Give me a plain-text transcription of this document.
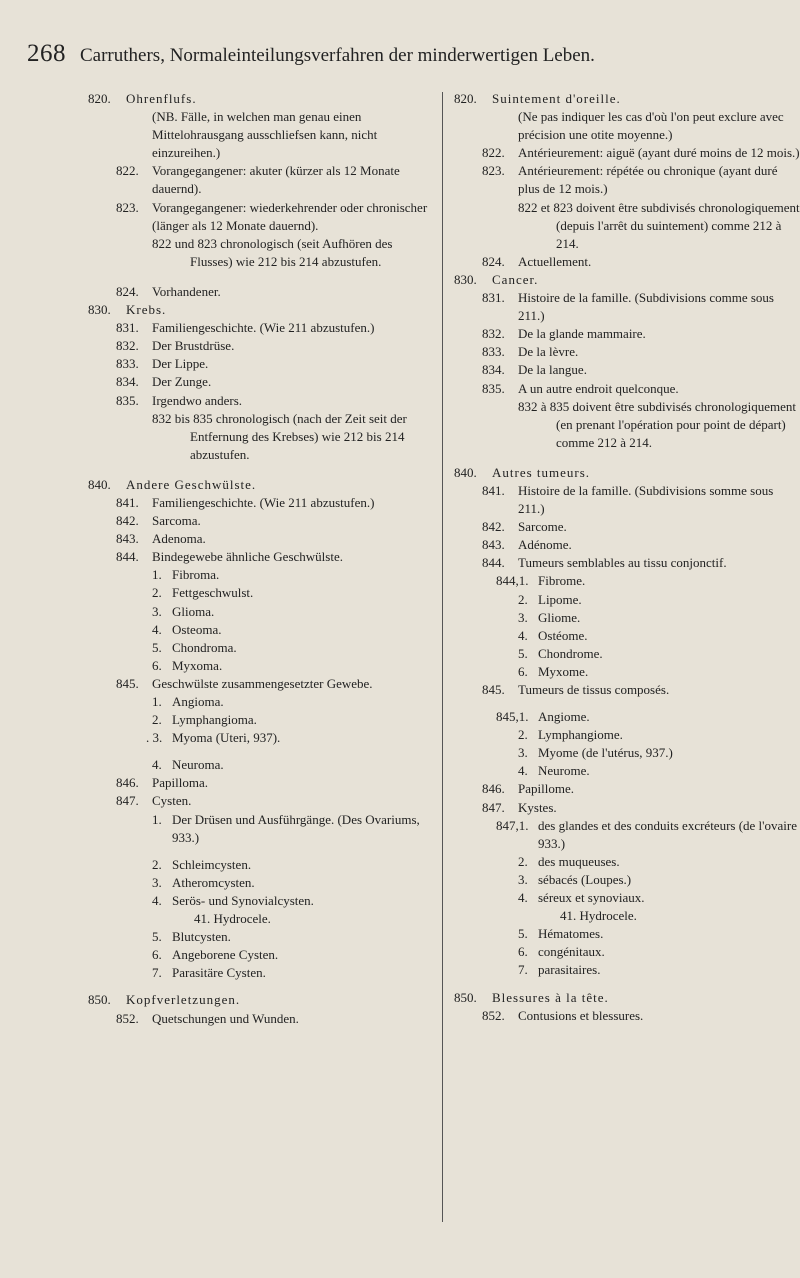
268 Carruthers, Normaleinteilungsverfahren der minderwertigen Leben.
820. Ohrenflufs.
(NB. Fälle, in welchen man genau einen Mittelohrausgang ausschliefsen kann, nicht einzureihen.)
822. Vorangegangener: akuter (kürzer als 12 Monate dauernd).
823. Vorangegangener: wiederkehrender oder chronischer (länger als 12 Monate dauernd).
822 und 823 chronologisch (seit Aufhören des Flusses) wie 212 bis 214 abzustufen.
824. Vorhandener.
830. Krebs.
831. Familiengeschichte. (Wie 211 abzustufen.)
832. Der Brustdrüse.
833. Der Lippe.
834. Der Zunge.
835. Irgendwo anders.
832 bis 835 chronologisch (nach der Zeit seit der Entfernung des Krebses) wie 212 bis 214 abzustufen.
840. Andere Geschwülste.
841. Familiengeschichte. (Wie 211 abzustufen.)
842. Sarcoma.
843. Adenoma.
844. Bindegewebe ähnliche Geschwülste.
1. Fibroma.
2. Fettgeschwulst.
3. Glioma.
4. Osteoma.
5. Chondroma.
6. Myxoma.
845. Geschwülste zusammengesetzter Gewebe.
1. Angioma.
2. Lymphangioma.
. 3. Myoma (Uteri, 937).
4. Neuroma.
846. Papilloma.
847. Cysten.
1. Der Drüsen und Ausführgänge. (Des Ovariums, 933.)
2. Schleimcysten.
3. Atheromcysten.
4. Serös- und Synovialcysten.
41. Hydrocele.
5. Blutcysten.
6. Angeborene Cysten.
7. Parasitäre Cysten.
850. Kopfverletzungen.
852. Quetschungen und Wunden.
820. Suintement d'oreille.
(Ne pas indiquer les cas d'où l'on peut exclure avec précision une otite moyenne.)
822. Antérieurement: aiguë (ayant duré moins de 12 mois.)
823. Antérieurement: répétée ou chronique (ayant duré plus de 12 mois.)
822 et 823 doivent être subdivisés chronologiquement (depuis l'arrêt du suintement) comme 212 à 214.
824. Actuellement.
830. Cancer.
831. Histoire de la famille. (Subdivisions comme sous 211.)
832. De la glande mammaire.
833. De la lèvre.
834. De la langue.
835. A un autre endroit quelconque.
832 à 835 doivent être subdivisés chronologiquement (en prenant l'opération pour point de départ) comme 212 à 214.
840. Autres tumeurs.
841. Histoire de la famille. (Subdivisions somme sous 211.)
842. Sarcome.
843. Adénome.
844. Tumeurs semblables au tissu conjonctif.
844,1. Fibrome.
2. Lipome.
3. Gliome.
4. Ostéome.
5. Chondrome.
6. Myxome.
845. Tumeurs de tissus composés.
845,1. Angiome.
2. Lymphangiome.
3. Myome (de l'utérus, 937.)
4. Neurome.
846. Papillome.
847. Kystes.
847,1. des glandes et des conduits excréteurs (de l'ovaire 933.)
2. des muqueuses.
3. sébacés (Loupes.)
4. séreux et synoviaux.
41. Hydrocele.
5. Hématomes.
6. congénitaux.
7. parasitaires.
850. Blessures à la tête.
852. Contusions et blessures.
